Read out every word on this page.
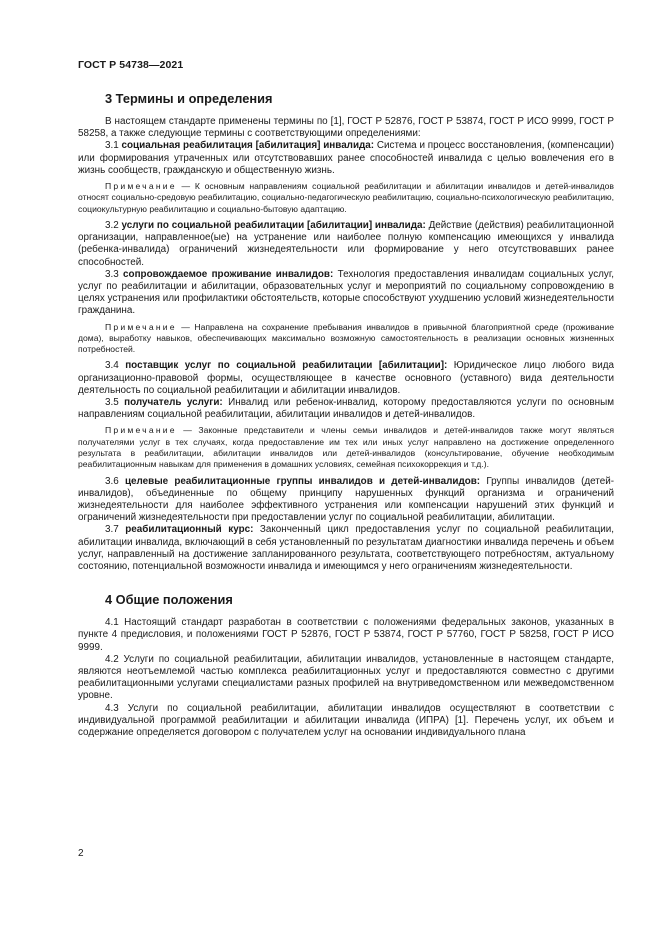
ГОСТ Р 54738—2021
3 Термины и определения

В настоящем стандарте применены термины по [1], ГОСТ Р 52876, ГОСТ Р 53874, ГОСТ Р ИСО 9999, ГОСТ Р 58258, а также следующие термины с соответствующими определениями:

3.1 социальная реабилитация [абилитация] инвалида: Система и процесс восстановления, (компенсации) или формирования утраченных или отсутствовавших ранее способностей инвалида с целью вовлечения его в жизнь сообществ, гражданскую и общественную жизнь.

Примечание — К основным направлениям социальной реабилитации и абилитации инвалидов и детей-инвалидов относят социально-средовую реабилитацию, социально-педагогическую реабилитацию, социально-психологическую реабилитацию, социокультурную реабилитацию и социально-бытовую адаптацию.

3.2 услуги по социальной реабилитации [абилитации] инвалида: Действие (действия) реабилитационной организации, направленное(ые) на устранение или наиболее полную компенсацию имеющихся у инвалида (ребенка-инвалида) ограничений жизнедеятельности или формирование у него отсутствовавших ранее способностей.

3.3 сопровождаемое проживание инвалидов: Технология предоставления инвалидам социальных услуг, услуг по реабилитации и абилитации, образовательных услуг и мероприятий по социальному сопровождению в целях устранения или профилактики обстоятельств, которые способствуют ухудшению условий жизнедеятельности гражданина.

Примечание — Направлена на сохранение пребывания инвалидов в привычной благоприятной среде (проживание дома), выработку навыков, обеспечивающих максимально возможную самостоятельность в реализации основных жизненных потребностей.

3.4 поставщик услуг по социальной реабилитации [абилитации]: Юридическое лицо любого вида организационно-правовой формы, осуществляющее в качестве основного (уставного) вида деятельности деятельность по социальной реабилитации и абилитации инвалидов.

3.5 получатель услуги: Инвалид или ребенок-инвалид, которому предоставляются услуги по основным направлениям социальной реабилитации, абилитации инвалидов и детей-инвалидов.

Примечание — Законные представители и члены семьи инвалидов и детей-инвалидов также могут являться получателями услуг в тех случаях, когда предоставление им тех или иных услуг направлено на достижение определенного результата в реабилитации, абилитации инвалидов или детей-инвалидов (консультирование, обучение необходимым реабилитационным навыкам для применения в домашних условиях, семейная психокоррекция и т.д.).

3.6 целевые реабилитационные группы инвалидов и детей-инвалидов: Группы инвалидов (детей-инвалидов), объединенные по общему принципу нарушенных функций организма и ограничений жизнедеятельности для наиболее эффективного устранения или компенсации нарушений этих функций и ограничений жизнедеятельности при предоставлении услуг по социальной реабилитации, абилитации.

3.7 реабилитационный курс: Законченный цикл предоставления услуг по социальной реабилитации, абилитации инвалида, включающий в себя установленный по результатам диагностики инвалида перечень и объем услуг, направленный на достижение запланированного результата, соответствующего потребностям, актуальному состоянию, потенциальной возможности инвалида и имеющимся у него ограничениям жизнедеятельности.

4 Общие положения

4.1 Настоящий стандарт разработан в соответствии с положениями федеральных законов, указанных в пункте 4 предисловия, и положениями ГОСТ Р 52876, ГОСТ Р 53874, ГОСТ Р 57760, ГОСТ Р 58258, ГОСТ Р ИСО 9999.

4.2 Услуги по социальной реабилитации, абилитации инвалидов, установленные в настоящем стандарте, являются неотъемлемой частью комплекса реабилитационных услуг и предоставляются совместно с другими реабилитационными услугами специалистами разных профилей на внутриведомственном или межведомственном уровне.

4.3 Услуги по социальной реабилитации, абилитации инвалидов осуществляют в соответствии с индивидуальной программой реабилитации и абилитации инвалида (ИПРА) [1]. Перечень услуг, их объем и содержание определяется договором с получателем услуг на основании индивидуального плана

2
